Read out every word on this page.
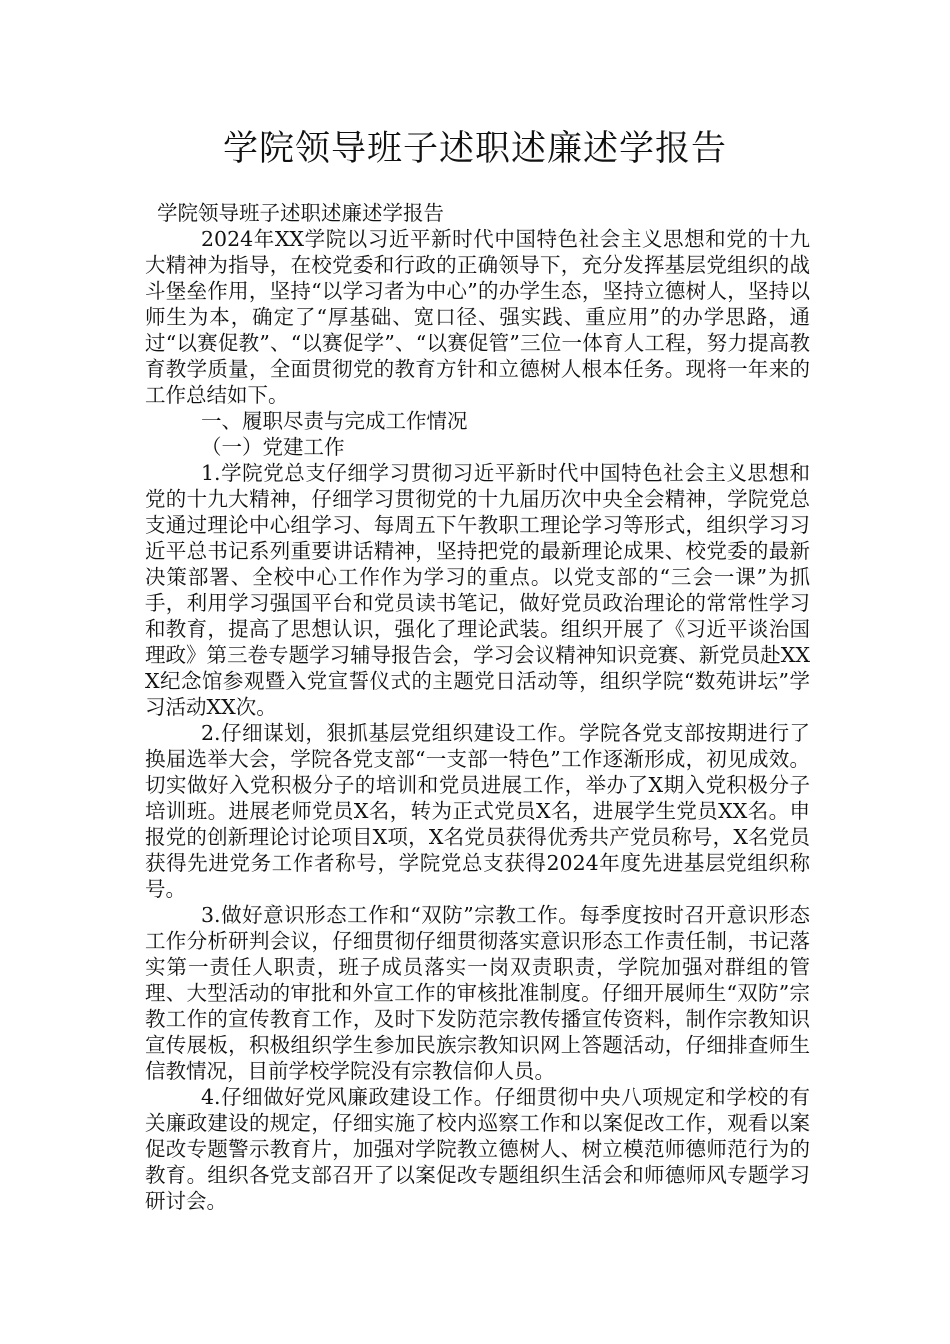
学院领导班子述职述廉述学报告

学院领导班子述职述廉述学报告

2024年XX学院以习近平新时代中国特色社会主义思想和党的十九大精神为指导，在校党委和行政的正确领导下，充分发挥基层党组织的战斗堡垒作用，坚持“以学习者为中心”的办学生态，坚持立德树人，坚持以师生为本，确定了“厚基础、宽口径、强实践、重应用”的办学思路，通过“以赛促教”、“以赛促学”、“以赛促管”三位一体育人工程，努力提高教育教学质量，全面贯彻党的教育方针和立德树人根本任务。现将一年来的工作总结如下。

一、履职尽责与完成工作情况

（一）党建工作

1.学院党总支仔细学习贯彻习近平新时代中国特色社会主义思想和党的十九大精神，仔细学习贯彻党的十九届历次中央全会精神，学院党总支通过理论中心组学习、每周五下午教职工理论学习等形式，组织学习习近平总书记系列重要讲话精神，坚持把党的最新理论成果、校党委的最新决策部署、全校中心工作作为学习的重点。以党支部的“三会一课”为抓手，利用学习强国平台和党员读书笔记，做好党员政治理论的常常性学习和教育，提高了思想认识，强化了理论武装。组织开展了《习近平谈治国理政》第三卷专题学习辅导报告会，学习会议精神知识竞赛、新党员赴XXX纪念馆参观暨入党宣誓仪式的主题党日活动等，组织学院“数苑讲坛”学习活动XX次。

2.仔细谋划，狠抓基层党组织建设工作。学院各党支部按期进行了换届选举大会，学院各党支部“一支部一特色”工作逐渐形成，初见成效。切实做好入党积极分子的培训和党员进展工作，举办了X期入党积极分子培训班。进展老师党员X名，转为正式党员X名，进展学生党员XX名。申报党的创新理论讨论项目X项，X名党员获得优秀共产党员称号，X名党员获得先进党务工作者称号，学院党总支获得2024年度先进基层党组织称号。

3.做好意识形态工作和“双防”宗教工作。每季度按时召开意识形态工作分析研判会议，仔细贯彻仔细贯彻落实意识形态工作责任制，书记落实第一责任人职责，班子成员落实一岗双责职责，学院加强对群组的管理、大型活动的审批和外宣工作的审核批准制度。仔细开展师生“双防”宗教工作的宣传教育工作，及时下发防范宗教传播宣传资料，制作宗教知识宣传展板，积极组织学生参加民族宗教知识网上答题活动，仔细排查师生信教情况，目前学校学院没有宗教信仰人员。

4.仔细做好党风廉政建设工作。仔细贯彻中央八项规定和学校的有关廉政建设的规定，仔细实施了校内巡察工作和以案促改工作，观看以案促改专题警示教育片，加强对学院教立德树人、树立模范师德师范行为的教育。组织各党支部召开了以案促改专题组织生活会和师德师风专题学习研讨会。
